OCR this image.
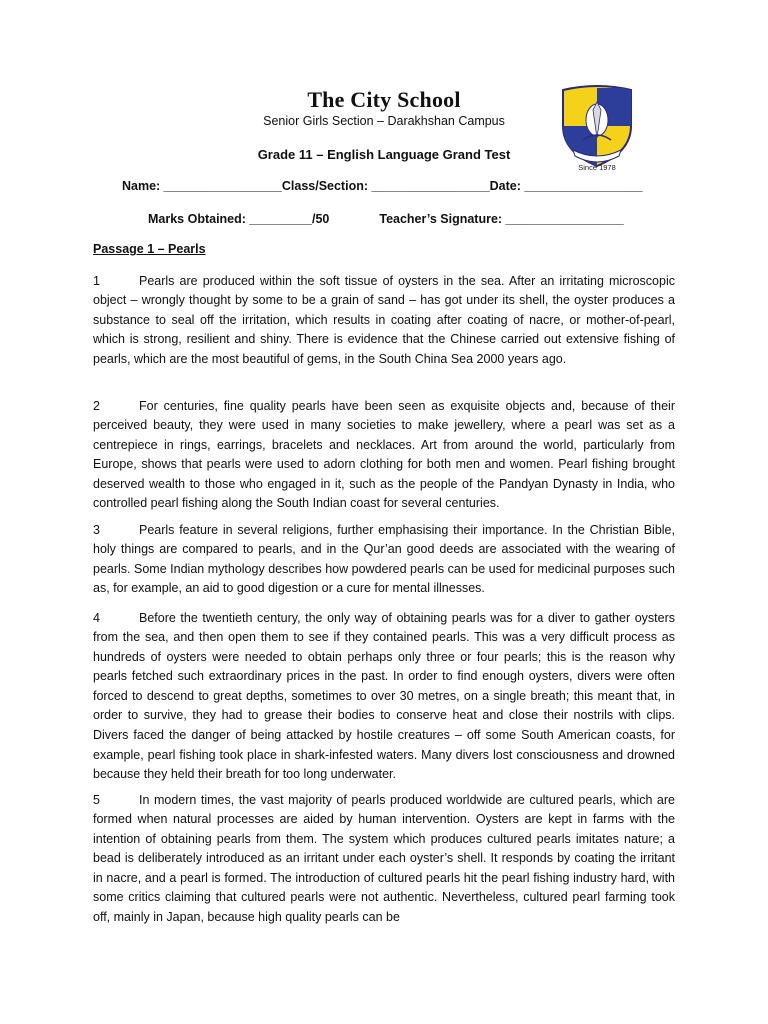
Since 1978
The City School
Senior Girls Section – Darakhshan Campus
Grade 11 – English Language Grand Test
Name: _________________Class/Section: _________________Date: _________________
Marks Obtained: _________/50	Teacher’s Signature: _________________
Passage 1 – Pearls

1	Pearls are produced within the soft tissue of oysters in the sea. After an irritating microscopic object – wrongly thought by some to be a grain of sand – has got under its shell, the oyster produces a substance to seal off the irritation, which results in coating after coating of nacre, or mother-of-pearl, which is strong, resilient and shiny. There is evidence that the Chinese carried out extensive fishing of pearls, which are the most beautiful of gems, in the South China Sea 2000 years ago.

2	For centuries, fine quality pearls have been seen as exquisite objects and, because of their perceived beauty, they were used in many societies to make jewellery, where a pearl was set as a centrepiece in rings, earrings, bracelets and necklaces. Art from around the world, particularly from Europe, shows that pearls were used to adorn clothing for both men and women. Pearl fishing brought deserved wealth to those who engaged in it, such as the people of the Pandyan Dynasty in India, who controlled pearl fishing along the South Indian coast for several centuries.

3	Pearls feature in several religions, further emphasising their importance. In the Christian Bible, holy things are compared to pearls, and in the Qur’an good deeds are associated with the wearing of pearls. Some Indian mythology describes how powdered pearls can be used for medicinal purposes such as, for example, an aid to good digestion or a cure for mental illnesses.

4	Before the twentieth century, the only way of obtaining pearls was for a diver to gather oysters from the sea, and then open them to see if they contained pearls. This was a very difficult process as hundreds of oysters were needed to obtain perhaps only three or four pearls; this is the reason why pearls fetched such extraordinary prices in the past. In order to find enough oysters, divers were often forced to descend to great depths, sometimes to over 30 metres, on a single breath; this meant that, in order to survive, they had to grease their bodies to conserve heat and close their nostrils with clips. Divers faced the danger of being attacked by hostile creatures – off some South American coasts, for example, pearl fishing took place in shark-infested waters. Many divers lost consciousness and drowned because they held their breath for too long underwater.

5	In modern times, the vast majority of pearls produced worldwide are cultured pearls, which are formed when natural processes are aided by human intervention. Oysters are kept in farms with the intention of obtaining pearls from them. The system which produces cultured pearls imitates nature; a bead is deliberately introduced as an irritant under each oyster’s shell. It responds by coating the irritant in nacre, and a pearl is formed. The introduction of cultured pearls hit the pearl fishing industry hard, with some critics claiming that cultured pearls were not authentic. Nevertheless, cultured pearl farming took off, mainly in Japan, because high quality pearls can be
